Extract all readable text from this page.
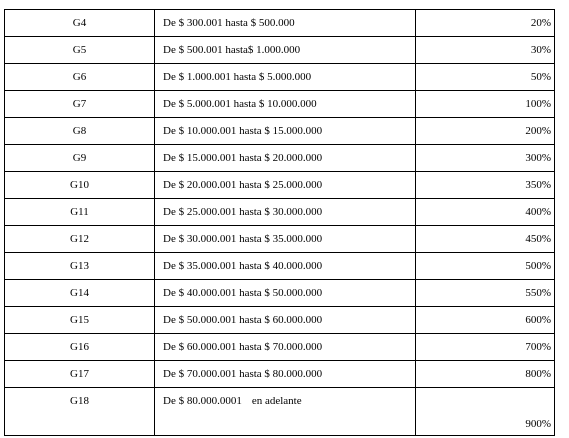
G4	De $ 300.001 hasta $ 500.000	20%
G5	De $ 500.001 hasta$ 1.000.000	30%
G6	De $ 1.000.001 hasta $ 5.000.000	50%
G7	De $ 5.000.001 hasta $ 10.000.000	100%
G8	De $ 10.000.001 hasta $ 15.000.000	200%
G9	De $ 15.000.001 hasta $ 20.000.000	300%
G10	De $ 20.000.001 hasta $ 25.000.000	350%
G11	De $ 25.000.001 hasta $ 30.000.000	400%
G12	De $ 30.000.001 hasta $ 35.000.000	450%
G13	De $ 35.000.001 hasta $ 40.000.000	500%
G14	De $ 40.000.001 hasta $ 50.000.000	550%
G15	De $ 50.000.001 hasta $ 60.000.000	600%
G16	De $ 60.000.001 hasta $ 70.000.000	700%
G17	De $ 70.000.001 hasta $ 80.000.000	800%
G18	De $ 80.000.0001 en adelante	900%
